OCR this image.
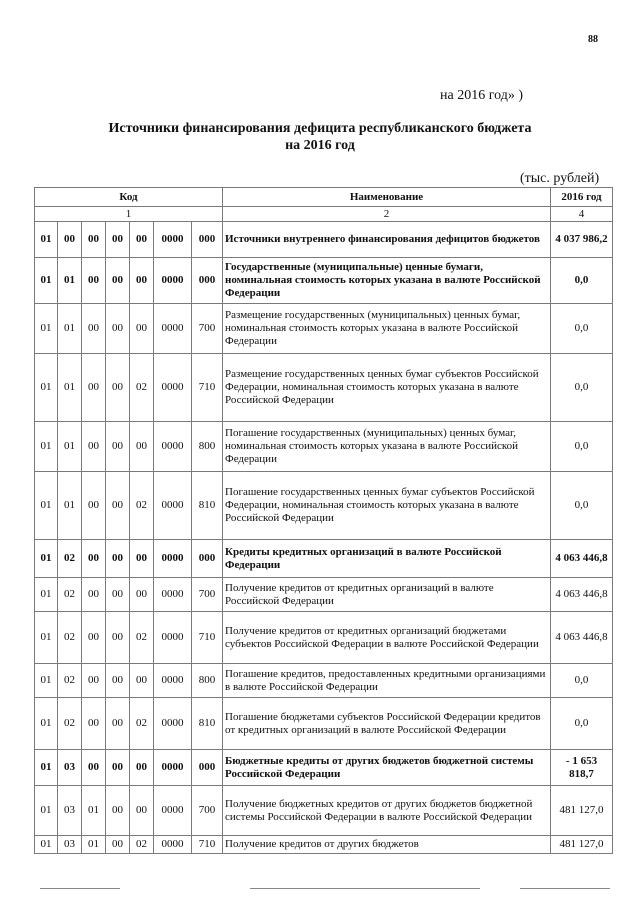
88
на 2016 год» )
Источники финансирования дефицита республиканского бюджета
на 2016 год
(тыс. рублей)
Код							Наименование	2016 год
1							2	4
01	00	00	00	00	0000	000	Источники внутреннего финансирования дефицитов бюджетов	4 037 986,2
01	01	00	00	00	0000	000	Государственные (муниципальные) ценные бумаги, номинальная стоимость которых указана в валюте Российской Федерации	0,0
01	01	00	00	00	0000	700	Размещение государственных (муниципальных) ценных бумаг, номинальная стоимость которых указана в валюте Российской Федерации	0,0
01	01	00	00	02	0000	710	Размещение государственных ценных бумаг субъектов Российской Федерации, номинальная стоимость которых указана в валюте Российской Федерации	0,0
01	01	00	00	00	0000	800	Погашение государственных (муниципальных) ценных бумаг, номинальная стоимость которых указана в валюте Российской Федерации	0,0
01	01	00	00	02	0000	810	Погашение государственных ценных бумаг субъектов Российской Федерации, номинальная стоимость которых указана в валюте Российской Федерации	0,0
01	02	00	00	00	0000	000	Кредиты кредитных организаций в валюте Российской Федерации	4 063 446,8
01	02	00	00	00	0000	700	Получение кредитов от кредитных организаций в валюте Российской Федерации	4 063 446,8
01	02	00	00	02	0000	710	Получение кредитов от кредитных организаций бюджетами субъектов Российской Федерации в валюте Российской Федерации	4 063 446,8
01	02	00	00	00	0000	800	Погашение кредитов, предоставленных кредитными организациями в валюте Российской Федерации	0,0
01	02	00	00	02	0000	810	Погашение бюджетами субъектов Российской Федерации кредитов от кредитных организаций в валюте Российской Федерации	0,0
01	03	00	00	00	0000	000	Бюджетные кредиты от других бюджетов бюджетной системы Российской Федерации	- 1 653 818,7
01	03	01	00	00	0000	700	Получение бюджетных кредитов от других бюджетов бюджетной системы Российской Федерации в валюте Российской Федерации	481 127,0
01	03	01	00	02	0000	710	Получение кредитов от других бюджетов	481 127,0
